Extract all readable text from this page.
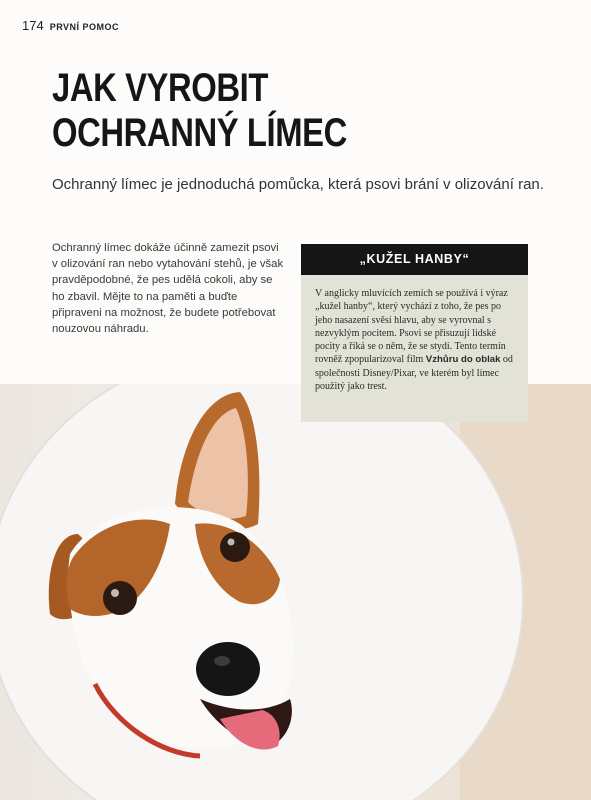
174 PRVNÍ POMOC
JAK VYROBIT
OCHRANNÝ LÍMEC

Ochranný límec je jednoduchá pomůcka, která psovi brání v olizování ran.

Ochranný límec dokáže účinně zamezit psovi v olizování ran nebo vytahování stehů, je však pravděpodobné, že pes udělá cokoli, aby se ho zbavil. Mějte to na paměti a buďte připraveni na možnost, že budete potřebovat nouzovou náhradu.

„KUŽEL HANBY“

V anglicky mluvících zemích se používá i výraz „kužel hanby“, který vychází z toho, že pes po jeho nasazení svěsí hlavu, aby se vyrovnal s nezvyklým pocitem. Psovi se přisuzují lidské pocity a říká se o něm, že se stydí. Tento termín rovněž zpopularizoval film Vzhůru do oblak od společnosti Disney/Pixar, ve kterém byl límec použitý jako trest.
